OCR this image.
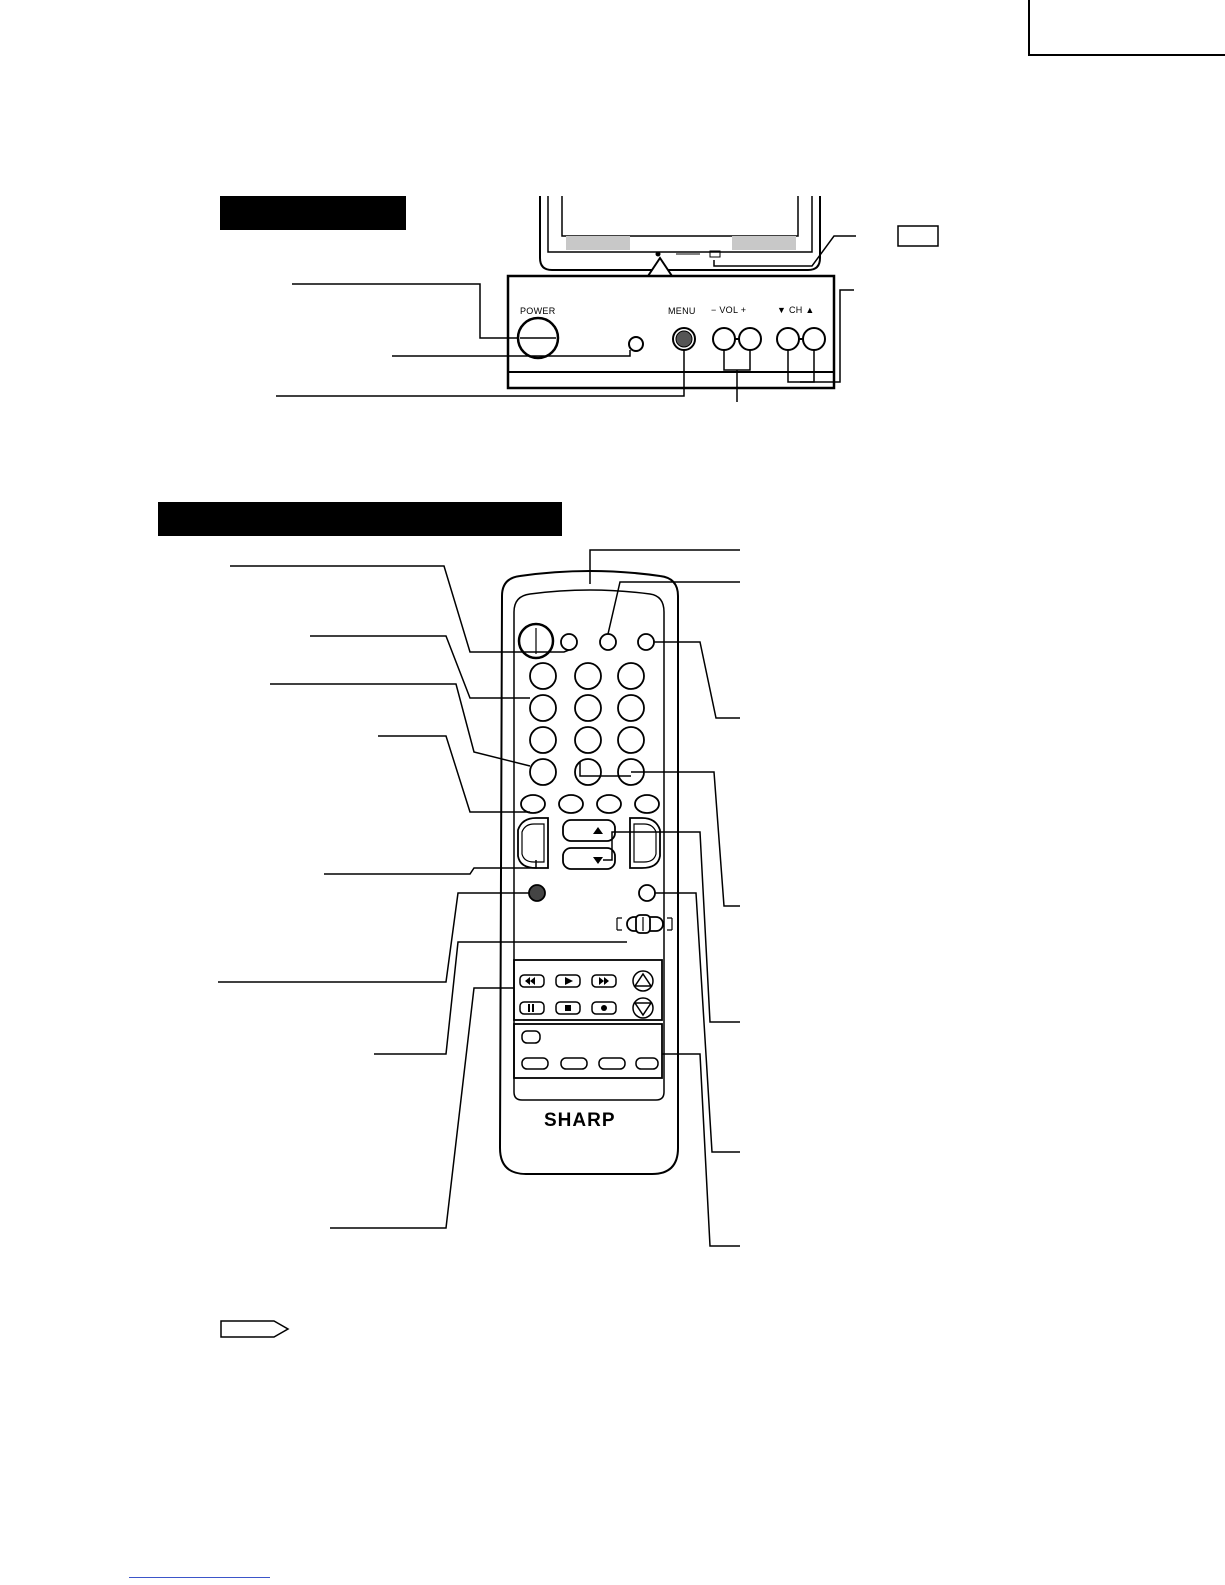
POWER	MENU − VOL +	▼ CH ▲
SHARP
